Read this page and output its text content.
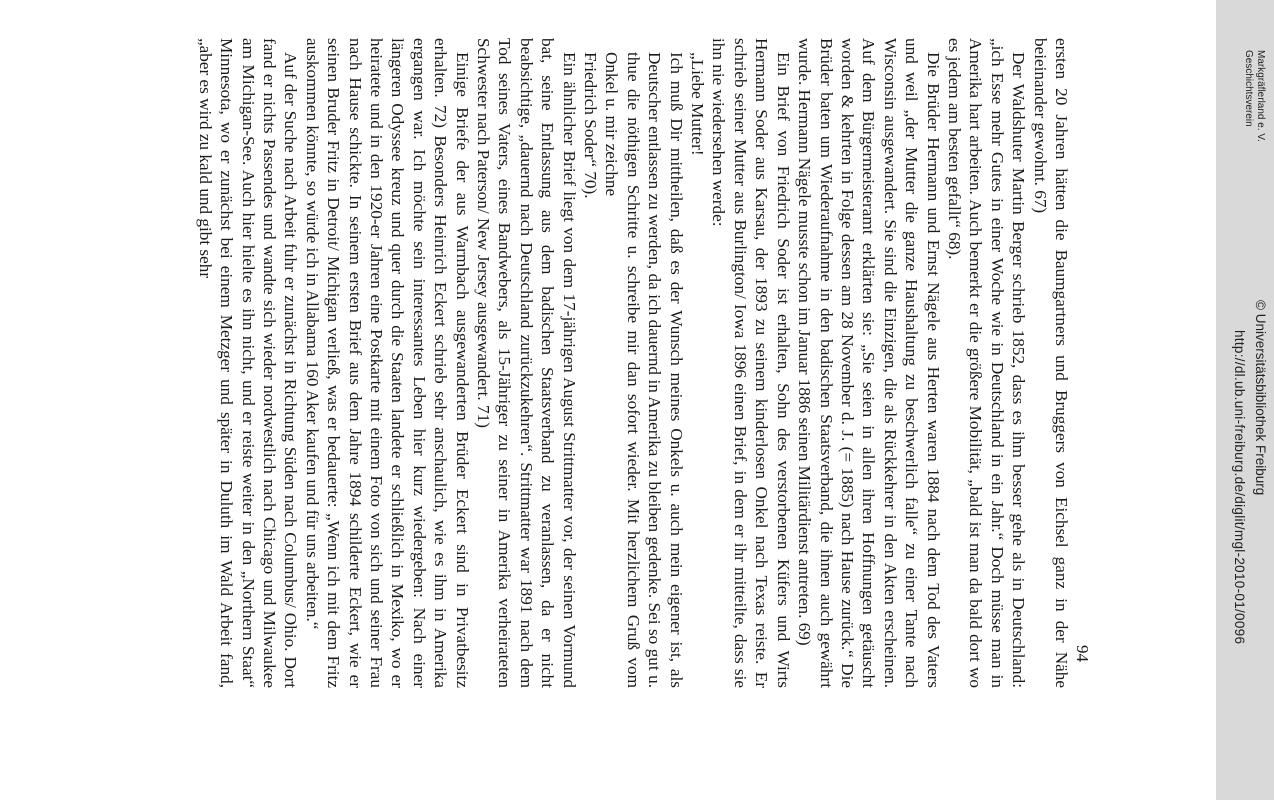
ersten 20 Jahren hätten die Baumgartners und Bruggers von Eichsel ganz in der Nähe beieinander gewohnt. 67)

Der Waldshuter Martin Berger schrieb 1852, dass es ihm besser gehe als in Deutschland: „ich Esse mehr Gutes in einer Woche wie in Deutschland in ein Jahr.“ Doch müsse man in Amerika hart arbeiten. Auch bemerkt er die größere Mobilität, „bald ist man da bald dort wo es jedem am besten gefallt“ 68).

Die Brüder Hermann und Ernst Nägele aus Herten waren 1884 nach dem Tod des Vaters und weil „der Mutter die ganze Haushaltung zu beschwerlich falle“ zu einer Tante nach Wisconsin ausgewandert. Sie sind die Einzigen, die als Rückkehrer in den Akten erscheinen. Auf dem Bürgermeisteramt erklärten sie: „Sie seien in allen ihren Hoffnungen getäuscht worden & kehrten in Folge dessen am 28 November d. J. (= 1885) nach Hause zurück.“ Die Brüder baten um Wiederaufnahme in den badischen Staatsverband, die ihnen auch gewährt wurde. Hermann Nägele musste schon im Januar 1886 seinen Militärdienst antreten. 69)

Ein Brief von Friedrich Soder ist erhalten, Sohn des verstorbenen Küfers und Wirts Hermann Soder aus Karsau, der 1893 zu seinem kinderlosen Onkel nach Texas reiste. Er schrieb seiner Mutter aus Burlington/ Iowa 1896 einen Brief, in dem er ihr mitteilte, dass sie ihn nie wiedersehen werde:

„Liebe Mutter!

Ich muß Dir mittheilen, daß es der Wunsch meines Onkels u. auch mein eigener ist, als Deutscher entlassen zu werden, da ich dauernd in Amerika zu bleiben gedenke. Sei so gut u. thue die nöthigen Schritte u. schreibe mir dan sofort wieder. Mit herzlichem Gruß vom Onkel u. mir zeichne

Friedrich Soder“ 70).

Ein ähnlicher Brief liegt von dem 17-jährigen August Strittmatter vor, der seinen Vormund bat, seine Entlassung aus dem badischen Staatsverband zu veranlassen, da er nicht beabsichtige, „dauernd nach Deutschland zurückzukehren“. Strittmatter war 1891 nach dem Tod seines Vaters, eines Bandwebers, als 15-Jähriger zu seiner in Amerika verheirateten Schwester nach Paterson/ New Jersey ausgewandert. 71)

Einige Briefe der aus Warmbach ausgewanderten Brüder Eckert sind in Privatbesitz erhalten. 72) Besonders Heinrich Eckert schrieb sehr anschaulich, wie es ihm in Amerika ergangen war. Ich möchte sein interessantes Leben hier kurz wiedergeben: Nach einer längeren Odyssee kreuz und quer durch die Staaten landete er schließlich in Mexiko, wo er heiratete und in den 1920-er Jahren eine Postkarte mit einem Foto von sich und seiner Frau nach Hause schickte. In seinem ersten Brief aus dem Jahre 1894 schilderte Eckert, wie er seinen Bruder Fritz in Detroit/ Michigan verließ, was er bedauerte: „Wenn ich mit dem Fritz auskommen könnte, so würde ich in Allabama 160 Aker kaufen und für uns arbeiten.“

Auf der Suche nach Arbeit fuhr er zunächst in Richtung Süden nach Columbus/ Ohio. Dort fand er nichts Passendes und wandte sich wieder nordwestlich nach Chicago und Milwaukee am Michigan-See. Auch hier hielte es ihn nicht, und er reiste weiter in den „Northern Staat“ Minnesota, wo er zunächst bei einem Metzger und später in Duluth im Wald Arbeit fand, „aber es wird zu kald und gibt sehr

94
http://dl.ub.uni-freiburg.de/diglit/mgl-2010-01/0096 © Universitätsbibliothek Freiburg
Geschichtsverein Markgräflerland e. V.
